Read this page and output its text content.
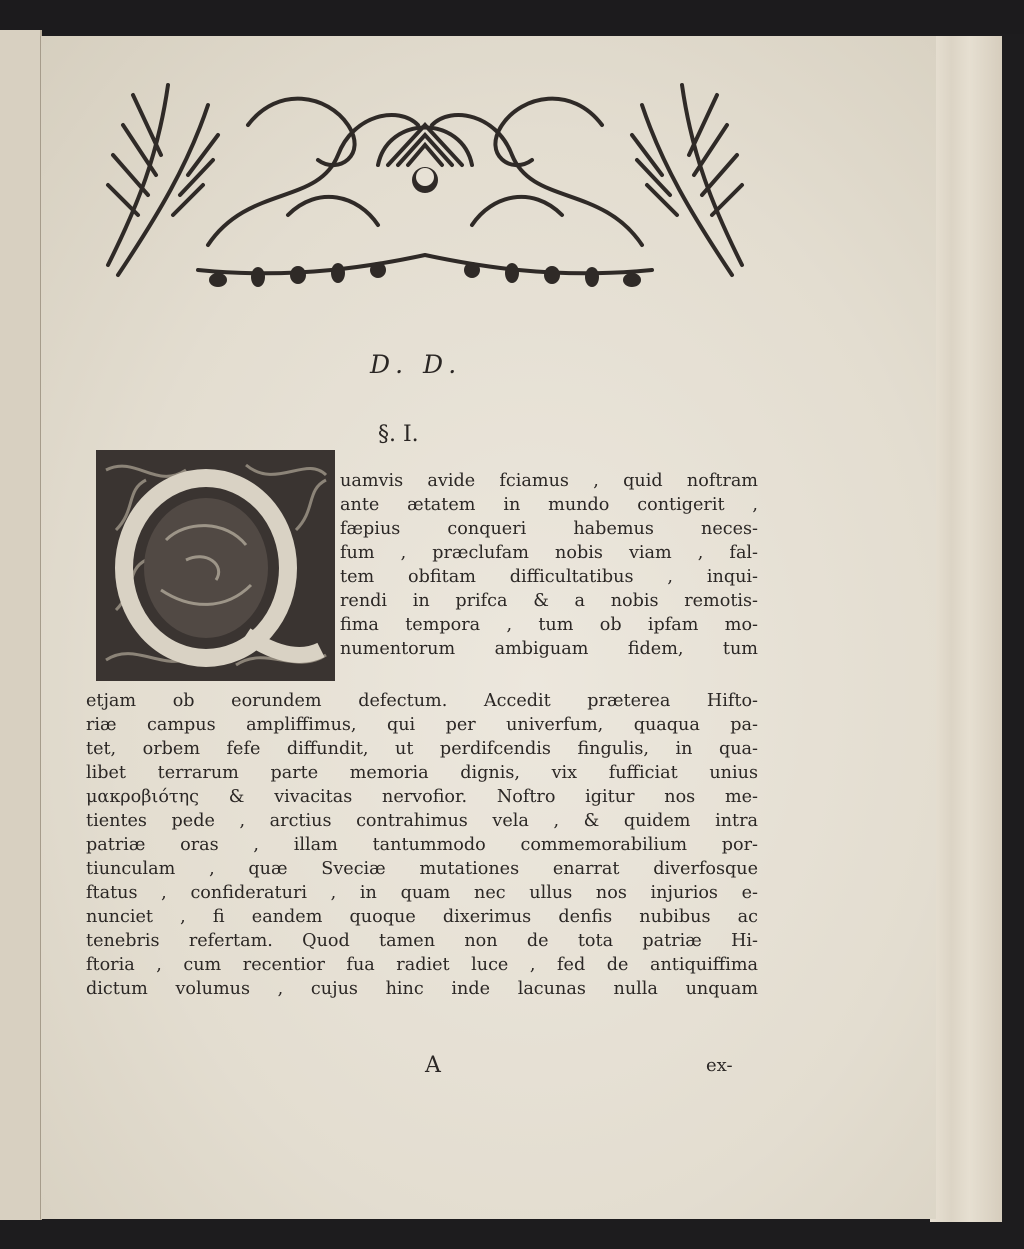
D. D.
§. I.
Q
uamvis avide fciamus , quid noftram
ante ætatem in mundo contigerit ,
fæpius conqueri habemus neces-
fum , præclufam nobis viam , fal-
tem obfitam difficultatibus , inqui-
rendi in prifca & a nobis remotis-
fima tempora , tum ob ipfam mo-
numentorum ambiguam fidem, tum
etjam ob eorundem defectum. Accedit præterea Hifto-
riæ campus ampliffimus, qui per univerfum, quaqua pa-
tet, orbem fefe diffundit, ut perdifcendis fingulis, in qua-
libet terrarum parte memoria dignis, vix fufficiat unius
μακροβιότης & vivacitas nervofior. Noftro igitur nos me-
tientes pede , arctius contrahimus vela , & quidem intra
patriæ oras , illam tantummodo commemorabilium por-
tiunculam , quæ Sveciæ mutationes enarrat diverfosque
ftatus , confideraturi , in quam nec ullus nos injurios e-
nunciet , fi eandem quoque dixerimus denfis nubibus ac
tenebris refertam. Quod tamen non de tota patriæ Hi-
ftoria , cum recentior fua radiet luce , fed de antiquiffima
dictum volumus , cujus hinc inde lacunas nulla unquam
A	ex-
